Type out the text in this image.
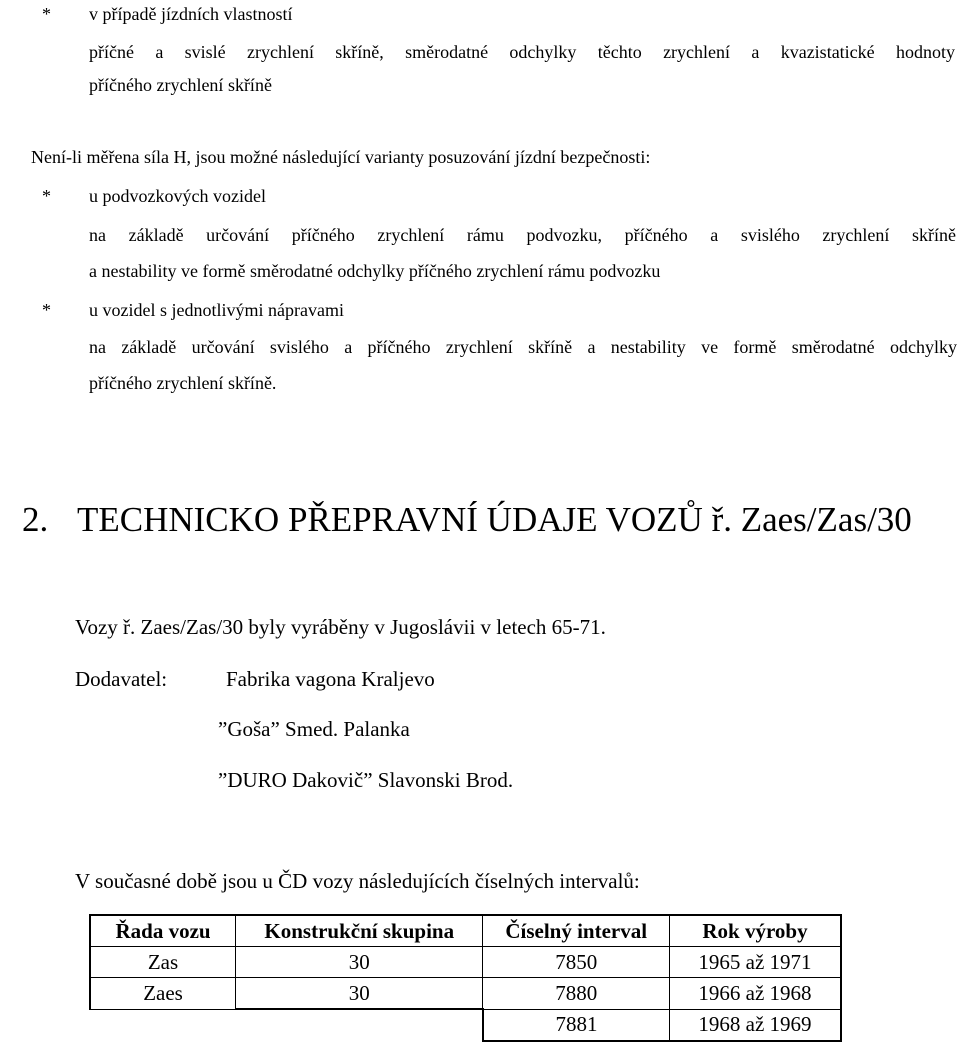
* v případě jízdních vlastností
příčné a svislé zrychlení skříně, směrodatné odchylky těchto zrychlení a kvazistatické hodnoty
příčného zrychlení skříně
Není-li měřena síla H, jsou možné následující varianty posuzování jízdní bezpečnosti:
* u podvozkových vozidel
na základě určování příčného zrychlení rámu podvozku, příčného a svislého zrychlení skříně
a nestability ve formě směrodatné odchylky příčného zrychlení rámu podvozku
* u vozidel s jednotlivými nápravami
na základě určování svislého a příčného zrychlení skříně a nestability ve formě směrodatné odchylky
příčného zrychlení skříně.
2. TECHNICKO PŘEPRAVNÍ ÚDAJE VOZŮ ř. Zaes/Zas/30
Vozy ř. Zaes/Zas/30 byly vyráběny v Jugoslávii v letech 65-71.
Dodavatel:	Fabrika vagona Kraljevo
”Goša” Smed. Palanka
”DURO Dakovič” Slavonski Brod.
V současné době jsou u ČD vozy následujících číselných intervalů:
Řada vozu	Konstrukční skupina	Číselný interval	Rok výroby
Zas	30	7850	1965 až 1971
Zaes	30	7880	1966 až 1968
		7881	1968 až 1969
